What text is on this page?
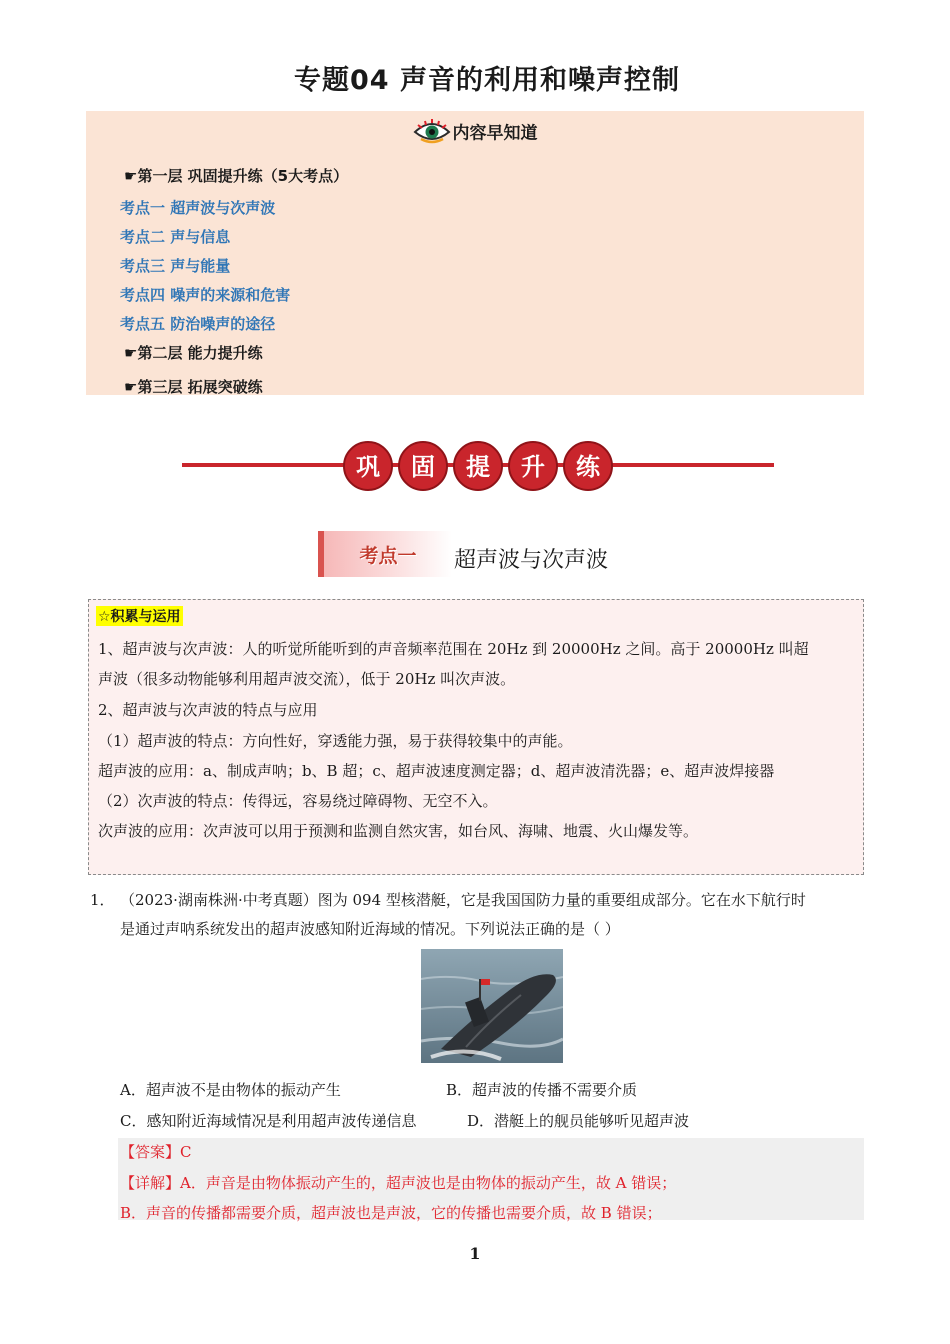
专题04 声音的利用和噪声控制
内容早知道
☛第一层 巩固提升练（5大考点）
考点一 超声波与次声波
考点二 声与信息
考点三 声与能量
考点四 噪声的来源和危害
考点五 防治噪声的途径
☛第二层 能力提升练
☛第三层 拓展突破练
巩 固 提 升 练
考点一	超声波与次声波
☆积累与运用
1、超声波与次声波：人的听觉所能听到的声音频率范围在 20Hz 到 20000Hz 之间。高于 20000Hz 叫超
声波（很多动物能够利用超声波交流），低于 20Hz 叫次声波。
2、超声波与次声波的特点与应用
（1）超声波的特点：方向性好，穿透能力强，易于获得较集中的声能。
超声波的应用：a、制成声呐；b、B 超；c、超声波速度测定器；d、超声波清洗器；e、超声波焊接器
（2）次声波的特点：传得远，容易绕过障碍物、无空不入。
次声波的应用：次声波可以用于预测和监测自然灾害，如台风、海啸、地震、火山爆发等。
1． （2023·湖南株洲·中考真题）图为 094 型核潜艇，它是我国国防力量的重要组成部分。它在水下航行时
是通过声呐系统发出的超声波感知附近海域的情况。下列说法正确的是（ ）
A．超声波不是由物体的振动产生	B．超声波的传播不需要介质
C．感知附近海域情况是利用超声波传递信息	D．潜艇上的舰员能够听见超声波
【答案】C
【详解】A．声音是由物体振动产生的，超声波也是由物体的振动产生，故 A 错误；
B．声音的传播都需要介质，超声波也是声波，它的传播也需要介质，故 B 错误；
1
